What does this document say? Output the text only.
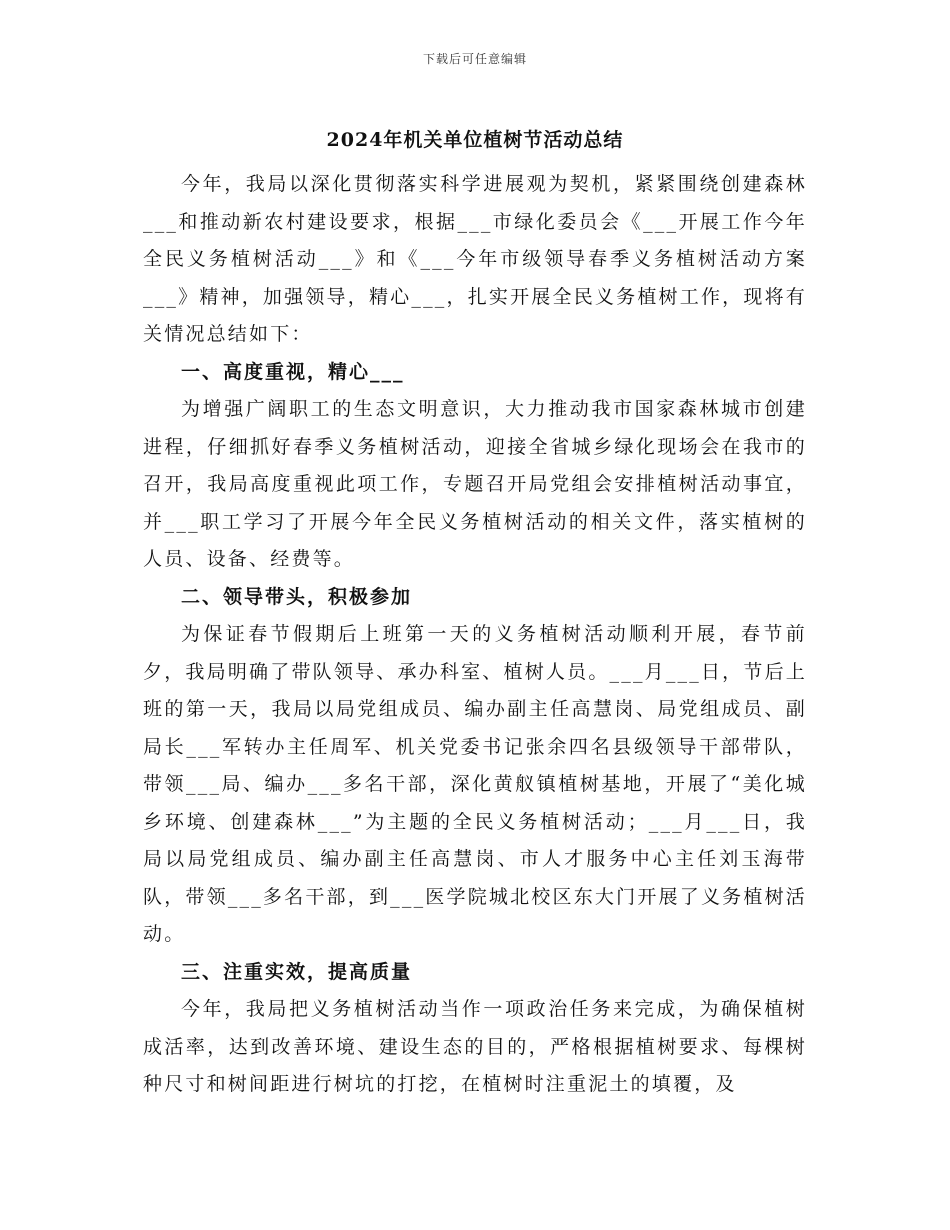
下载后可任意编辑
2024年机关单位植树节活动总结

今年，我局以深化贯彻落实科学进展观为契机，紧紧围绕创建森林___和推动新农村建设要求，根据___市绿化委员会《___开展工作今年全民义务植树活动___》和《___今年市级领导春季义务植树活动方案___》精神，加强领导，精心___，扎实开展全民义务植树工作，现将有关情况总结如下：

一、高度重视，精心___

为增强广阔职工的生态文明意识，大力推动我市国家森林城市创建进程，仔细抓好春季义务植树活动，迎接全省城乡绿化现场会在我市的召开，我局高度重视此项工作，专题召开局党组会安排植树活动事宜，并___职工学习了开展今年全民义务植树活动的相关文件，落实植树的人员、设备、经费等。

二、领导带头，积极参加

为保证春节假期后上班第一天的义务植树活动顺利开展，春节前夕，我局明确了带队领导、承办科室、植树人员。___月___日，节后上班的第一天，我局以局党组成员、编办副主任高慧岗、局党组成员、副局长___军转办主任周军、机关党委书记张余四名县级领导干部带队，带领___局、编办___多名干部，深化黄舣镇植树基地，开展了“美化城乡环境、创建森林___”为主题的全民义务植树活动；___月___日，我局以局党组成员、编办副主任高慧岗、市人才服务中心主任刘玉海带队，带领___多名干部，到___医学院城北校区东大门开展了义务植树活动。

三、注重实效，提高质量

今年，我局把义务植树活动当作一项政治任务来完成，为确保植树成活率，达到改善环境、建设生态的目的，严格根据植树要求、每棵树种尺寸和树间距进行树坑的打挖，在植树时注重泥土的填覆，及
